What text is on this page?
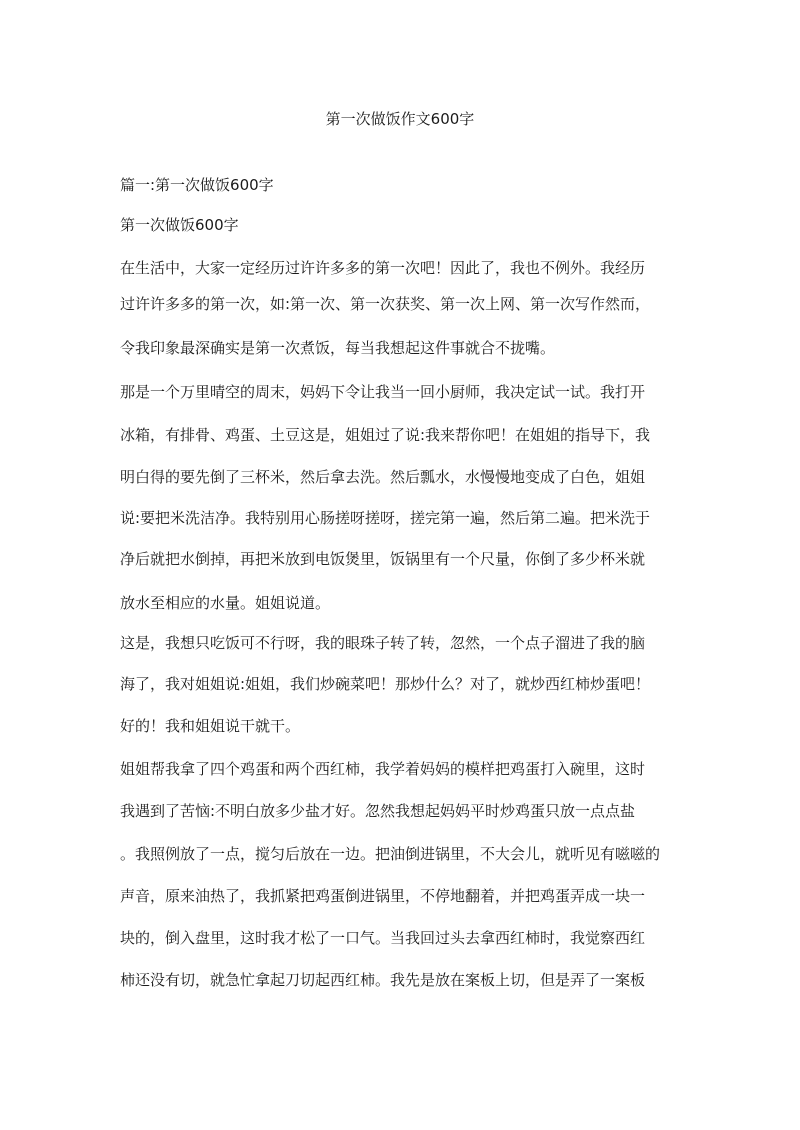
第一次做饭作文600字
篇一:第一次做饭600字
第一次做饭600字
在生活中，大家一定经历过许许多多的第一次吧！因此了，我也不例外。我经历
过许许多多的第一次，如:第一次、第一次获奖、第一次上网、第一次写作然而，
令我印象最深确实是第一次煮饭，每当我想起这件事就合不拢嘴。
那是一个万里晴空的周末，妈妈下令让我当一回小厨师，我决定试一试。我打开
冰箱，有排骨、鸡蛋、土豆这是，姐姐过了说:我来帮你吧！在姐姐的指导下，我
明白得的要先倒了三杯米，然后拿去洗。然后瓢水，水慢慢地变成了白色，姐姐
说:要把米洗洁净。我特别用心肠搓呀搓呀，搓完第一遍，然后第二遍。把米洗于
净后就把水倒掉，再把米放到电饭煲里，饭锅里有一个尺量，你倒了多少杯米就
放水至相应的水量。姐姐说道。
这是，我想只吃饭可不行呀，我的眼珠子转了转，忽然，一个点子溜进了我的脑
海了，我对姐姐说:姐姐，我们炒碗菜吧！那炒什么？对了，就炒西红柿炒蛋吧！
好的！我和姐姐说干就干。
姐姐帮我拿了四个鸡蛋和两个西红柿，我学着妈妈的模样把鸡蛋打入碗里，这时
我遇到了苦恼:不明白放多少盐才好。忽然我想起妈妈平时炒鸡蛋只放一点点盐
。我照例放了一点，搅匀后放在一边。把油倒进锅里，不大会儿，就听见有嗞嗞的
声音，原来油热了，我抓紧把鸡蛋倒进锅里，不停地翻着，并把鸡蛋弄成一块一
块的，倒入盘里，这时我才松了一口气。当我回过头去拿西红柿时，我觉察西红
柿还没有切，就急忙拿起刀切起西红柿。我先是放在案板上切，但是弄了一案板
